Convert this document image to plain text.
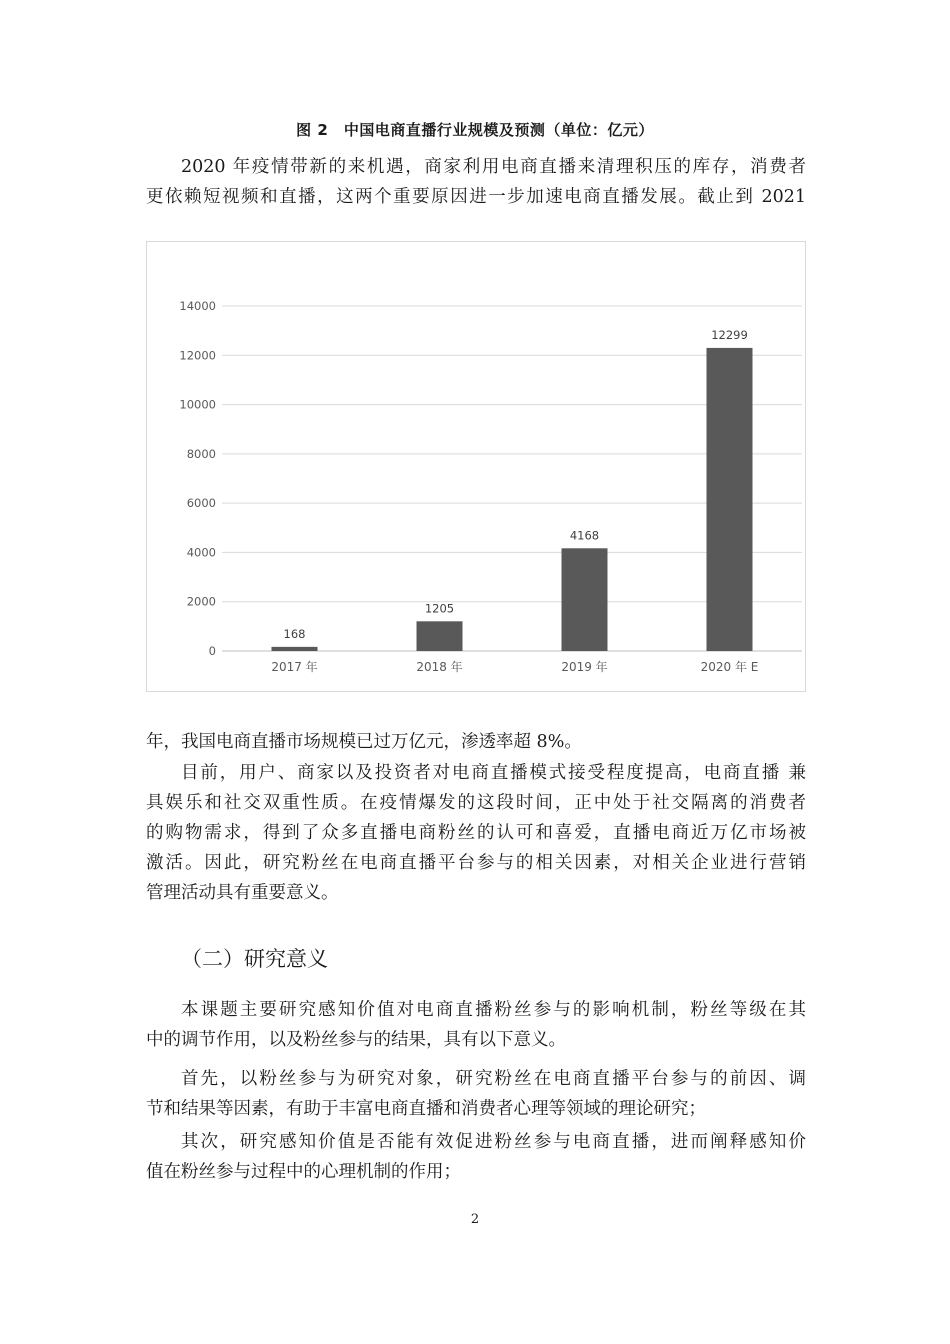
图 2　中国电商直播行业规模及预测（单位：亿元）

2020 年疫情带新的来机遇，商家利用电商直播来清理积压的库存，消费者
更依赖短视频和直播，这两个重要原因进一步加速电商直播发展。截止到 2021

0
2000
4000
6000
8000
10000
12000
14000
168
2017 年
1205
2018 年
4168
2019 年
12299
2020 年 E

年，我国电商直播市场规模已过万亿元，渗透率超 8%。

目前，用户、商家以及投资者对电商直播模式接受程度提高，电商直播 兼
具娱乐和社交双重性质。在疫情爆发的这段时间，正中处于社交隔离的消费者
的购物需求，得到了众多直播电商粉丝的认可和喜爱，直播电商近万亿市场被
激活。因此，研究粉丝在电商直播平台参与的相关因素，对相关企业进行营销
管理活动具有重要意义。

（二）研究意义

本课题主要研究感知价值对电商直播粉丝参与的影响机制，粉丝等级在其
中的调节作用，以及粉丝参与的结果，具有以下意义。

首先，以粉丝参与为研究对象，研究粉丝在电商直播平台参与的前因、调
节和结果等因素，有助于丰富电商直播和消费者心理等领域的理论研究；

其次，研究感知价值是否能有效促进粉丝参与电商直播，进而阐释感知价
值在粉丝参与过程中的心理机制的作用；

2
